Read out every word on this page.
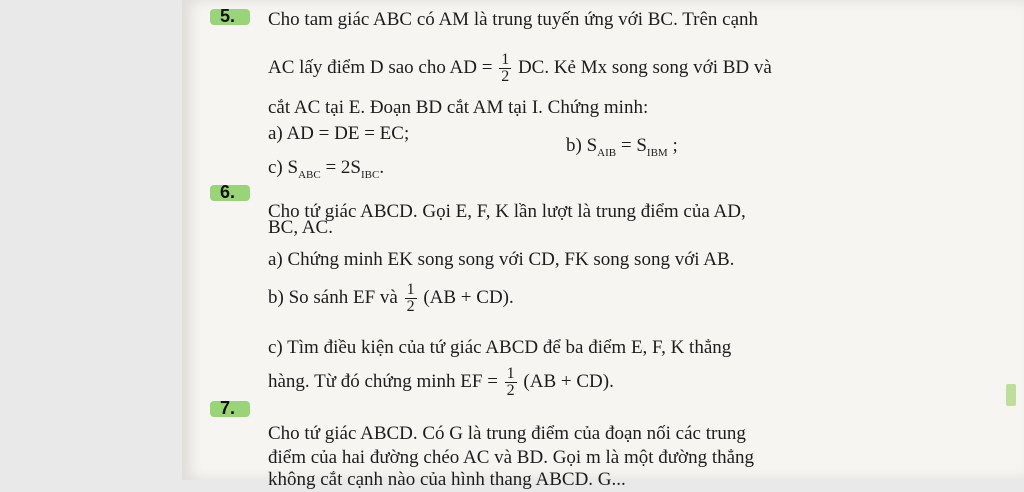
5. Cho tam giác ABC có AM là trung tuyến ứng với BC. Trên cạnh
AC lấy điểm D sao cho AD = $\frac{1}{2}$ DC. Kẻ Mx song song với BD và
cắt AC tại E. Đoạn BD cắt AM tại I. Chứng minh:
a) AD = DE = EC;
b) $S_{AIB} = S_{IBM}$ ;
c) $S_{ABC} = 2S_{IBC}$.
6.
Cho tứ giác ABCD. Gọi E, F, K lần lượt là trung điểm của AD,
BC, AC.
a) Chứng minh EK song song với CD, FK song song với AB.
b) So sánh EF và $\frac{1}{2} (AB + CD)$.
c) Tìm điều kiện của tứ giác ABCD để ba điểm E, F, K thẳng
hàng. Từ đó chứng minh EF = $\frac{1}{2} (AB + CD)$.
7.
Cho tứ giác ABCD. Có G là trung điểm của đoạn nối các trung
điểm của hai đường chéo AC và BD. Gọi m là một đường thẳng
không cắt cạnh nào của hình thang ABCD. G...
